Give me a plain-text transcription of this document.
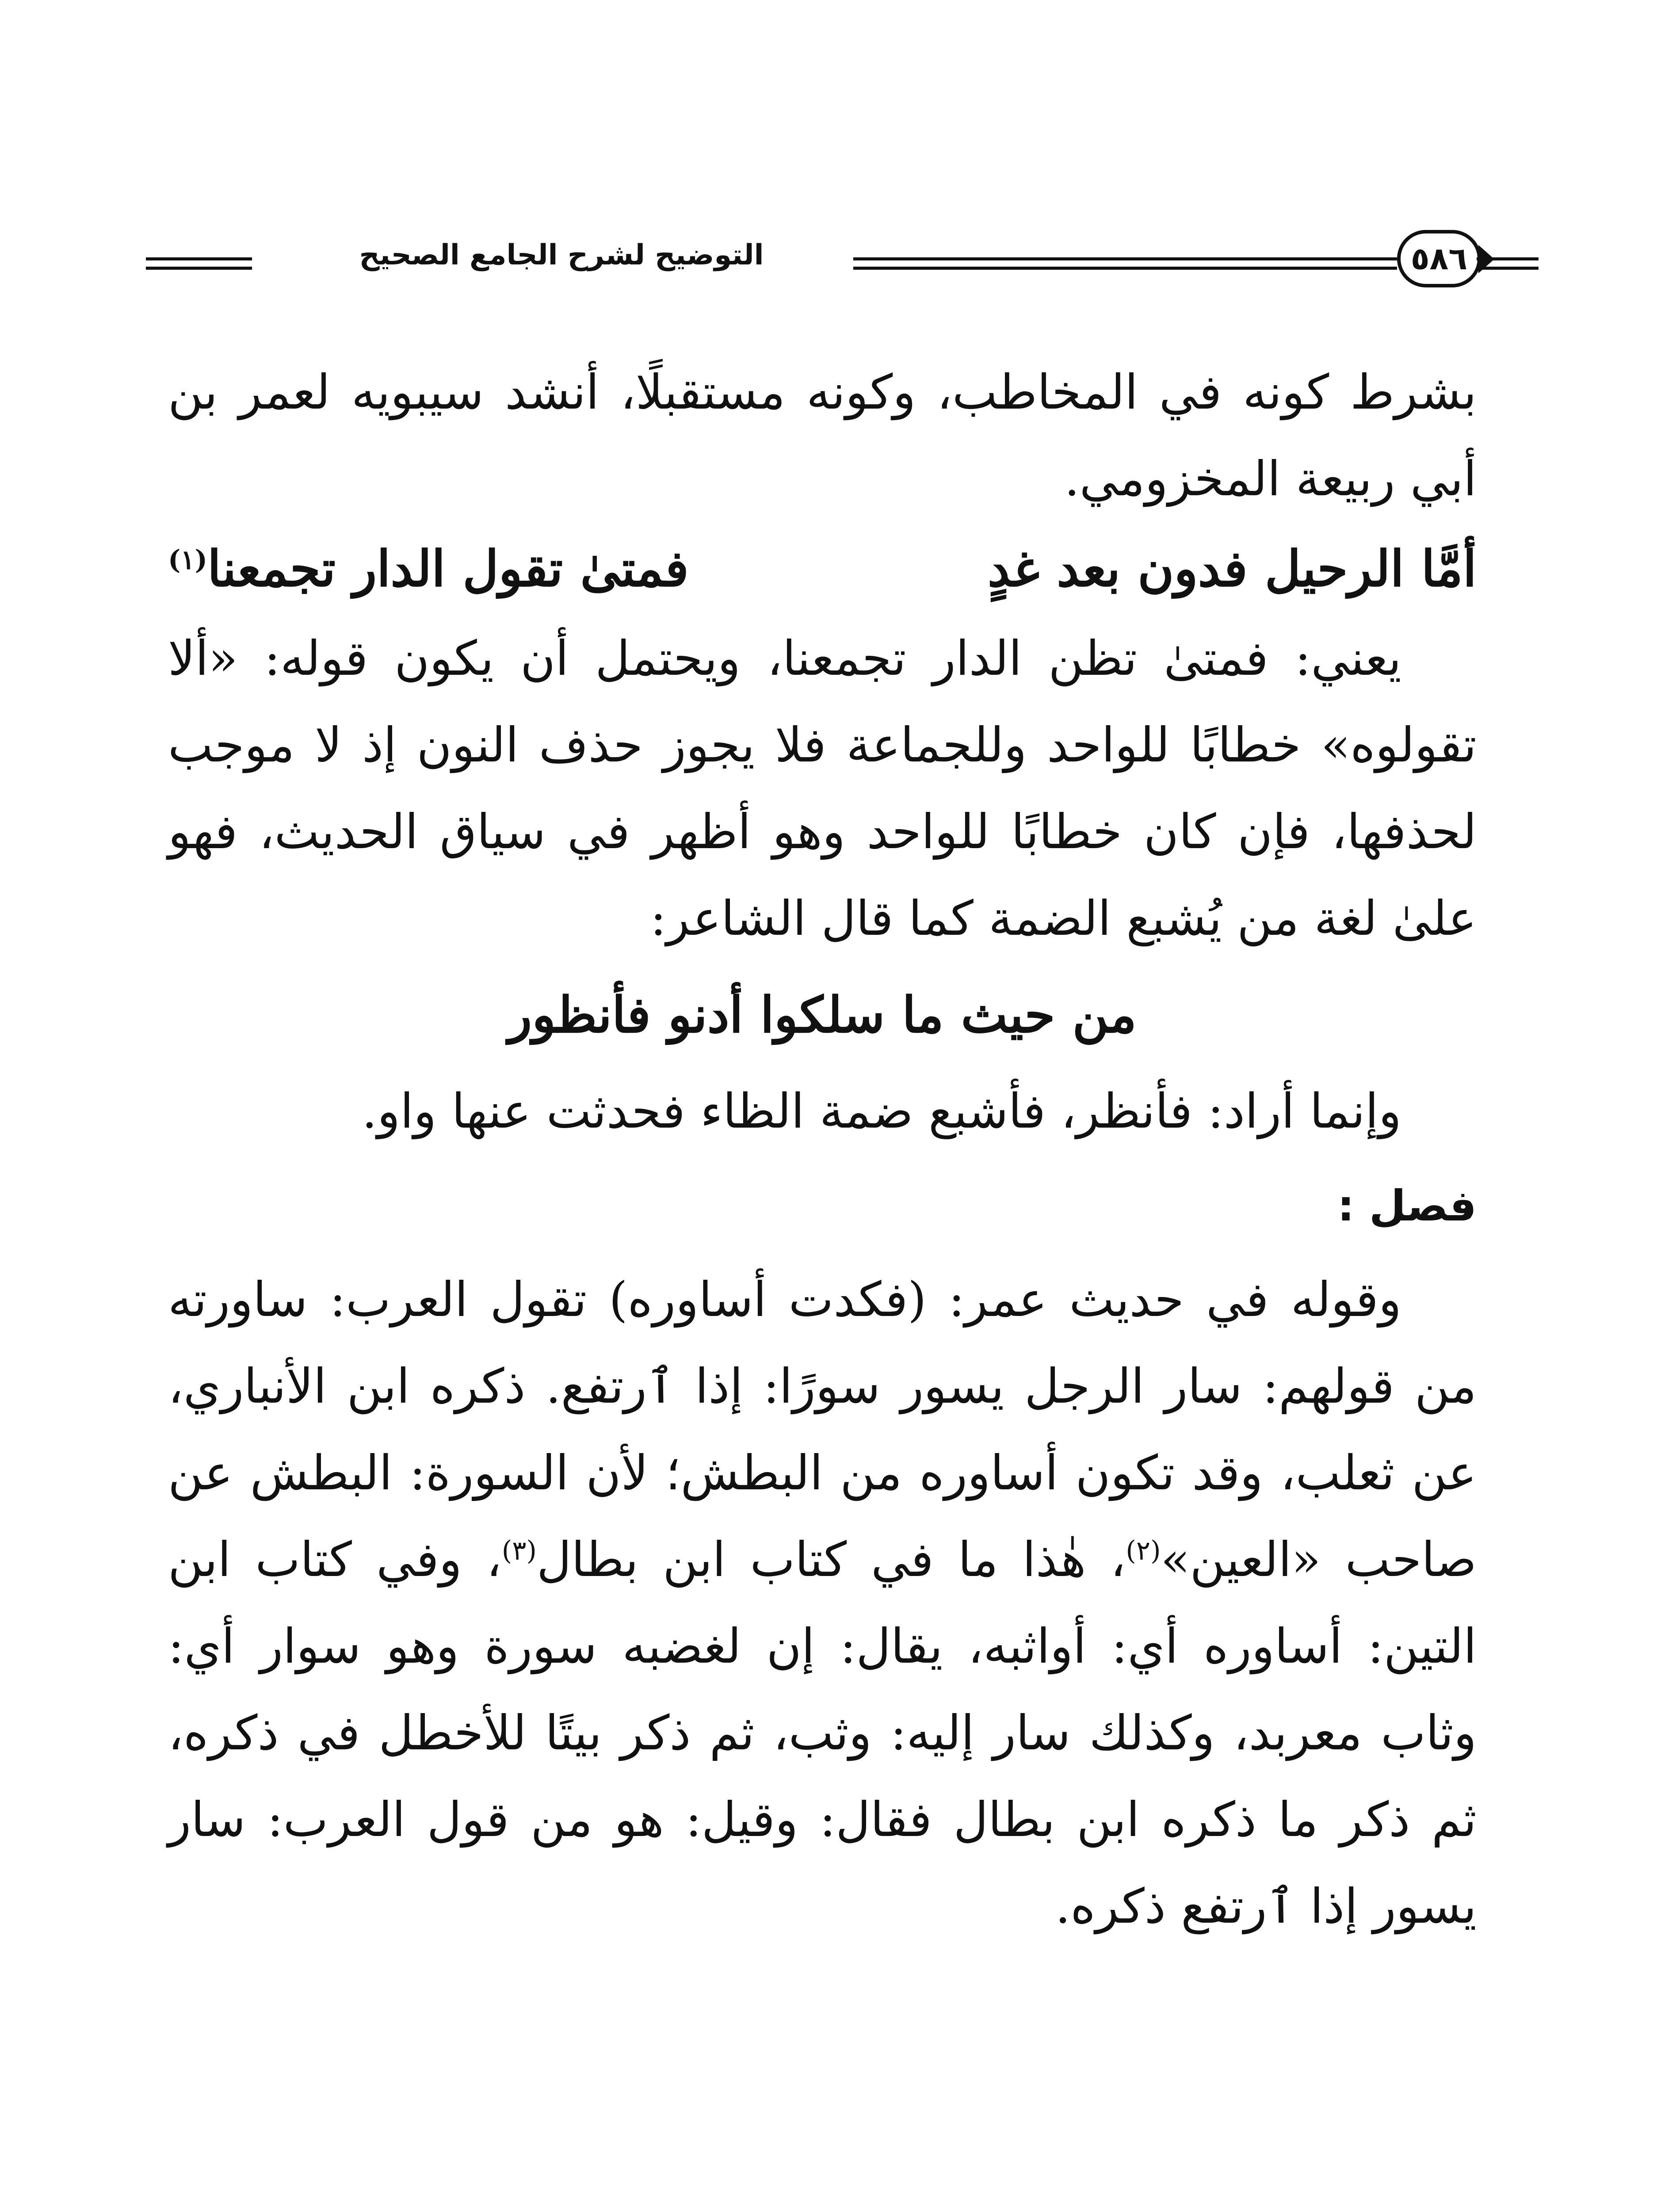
التوضيح لشرح الجامع الصحيح	٥٨٦

بشرط كونه في المخاطب، وكونه مستقبلًا، أنشد سيبويه لعمر بن أبي ربيعة المخزومي.

أمَّا الرحيل فدون بعد غدٍ
فمتىٰ تقول الدار تجمعنا$^{(١)}$

يعني: فمتىٰ تظن الدار تجمعنا، ويحتمل أن يكون قوله: «ألا تقولوه» خطابًا للواحد وللجماعة فلا يجوز حذف النون إذ لا موجب لحذفها، فإن كان خطابًا للواحد وهو أظهر في سياق الحديث، فهو علىٰ لغة من يُشبع الضمة كما قال الشاعر:

من حيث ما سلكوا أدنو فأنظور

وإنما أراد: فأنظر، فأشبع ضمة الظاء فحدثت عنها واو.

فصل :

وقوله في حديث عمر: (فكدت أساوره) تقول العرب: ساورته من قولهم: سار الرجل يسور سورًا: إذا ٱرتفع. ذكره ابن الأنباري، عن ثعلب، وقد تكون أساوره من البطش؛ لأن السورة: البطش عن صاحب «العين»$^{(٢)}$، هٰذا ما في كتاب ابن بطال$^{(٣)}$، وفي كتاب ابن التين: أساوره أي: أواثبه، يقال: إن لغضبه سورة وهو سوار أي: وثاب معربد، وكذلك سار إليه: وثب، ثم ذكر بيتًا للأخطل في ذكره، ثم ذكر ما ذكره ابن بطال فقال: وقيل: هو من قول العرب: سار يسور إذا ٱرتفع ذكره.
